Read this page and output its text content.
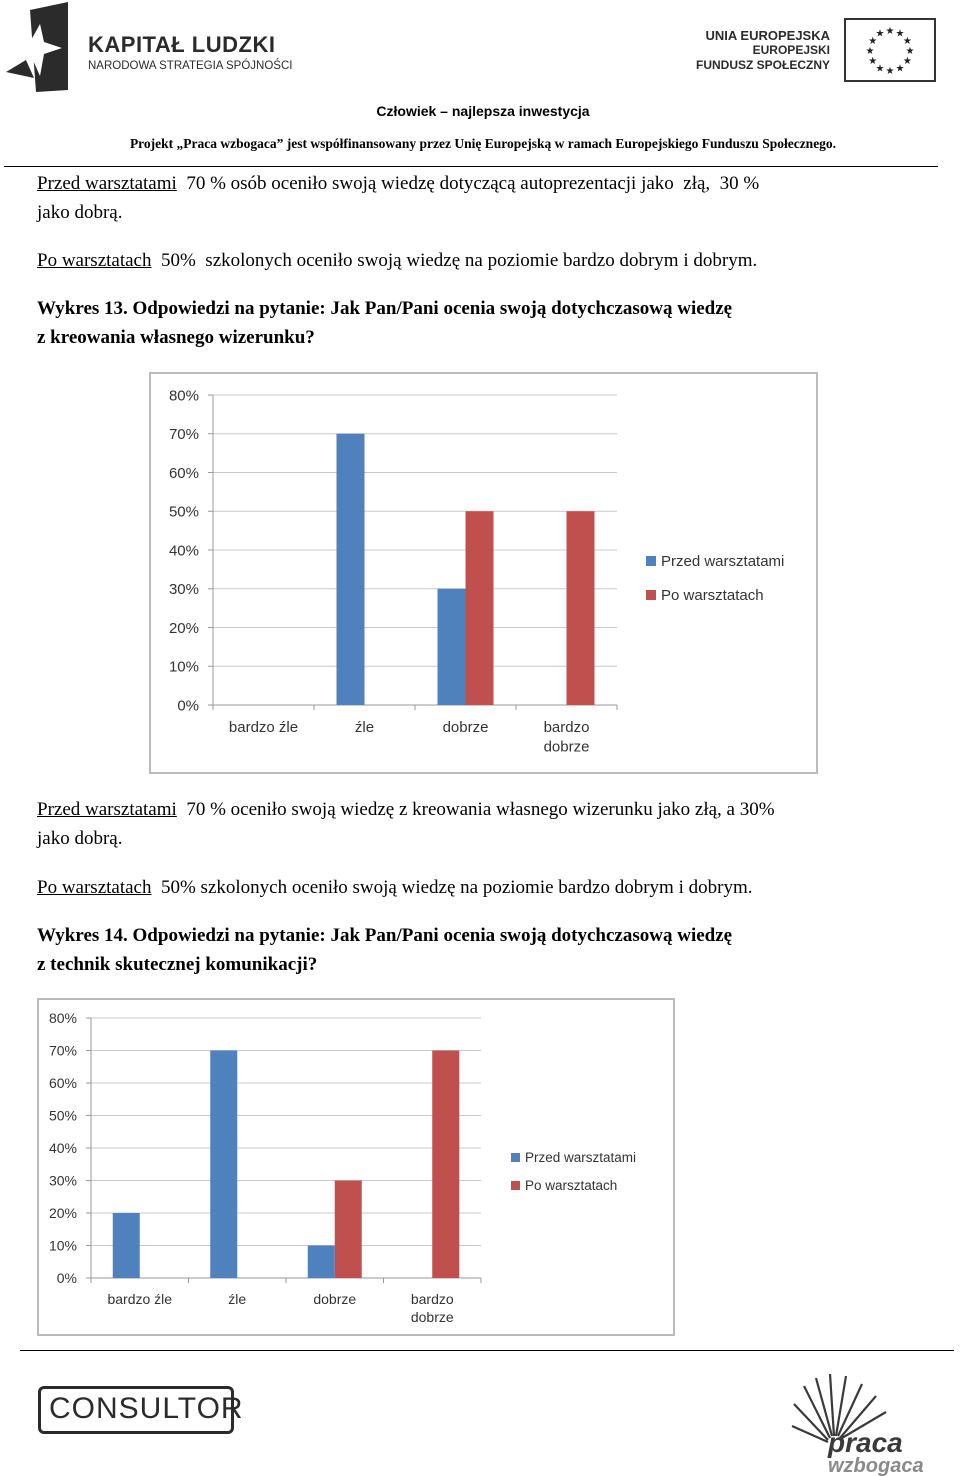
KAPITAŁ LUDZKI
NARODOWA STRATEGIA SPÓJNOŚCI
UNIA EUROPEJSKA
EUROPEJSKI
FUNDUSZ SPOŁECZNY
★
★
★
★
★
★
★
★
★ ★ ★
★
Człowiek – najlepsza inwestycja
Projekt „Praca wzbogaca” jest współfinansowany przez Unię Europejską w ramach Europejskiego Funduszu Społecznego.
Przed warsztatami  70 % osób oceniło swoją wiedzę dotyczącą autoprezentacji jako  złą,  30 %
jako dobrą.
Po warsztatach  50%  szkolonych oceniło swoją wiedzę na poziomie bardzo dobrym i dobrym.
Wykres 13. Odpowiedzi na pytanie: Jak Pan/Pani ocenia swoją dotychczasową wiedzę
z kreowania własnego wizerunku?
0%
10%
20%
30%
40%
50%
60%
70%
80%
bardzo źle	źle	dobrze	bardzo dobrze
Przed warsztatami
Po warsztatach
Przed warsztatami  70 % oceniło swoją wiedzę z kreowania własnego wizerunku jako złą, a 30%
jako dobrą.
Po warsztatach  50% szkolonych oceniło swoją wiedzę na poziomie bardzo dobrym i dobrym.
Wykres 14. Odpowiedzi na pytanie: Jak Pan/Pani ocenia swoją dotychczasową wiedzę
z technik skutecznej komunikacji?
0%
10%
20%
30%
40%
50%
60%
70%
80%
bardzo źle	źle	dobrze	bardzo dobrze
Przed warsztatami
Po warsztatach
CONSULTOR
praca
wzbogaca
